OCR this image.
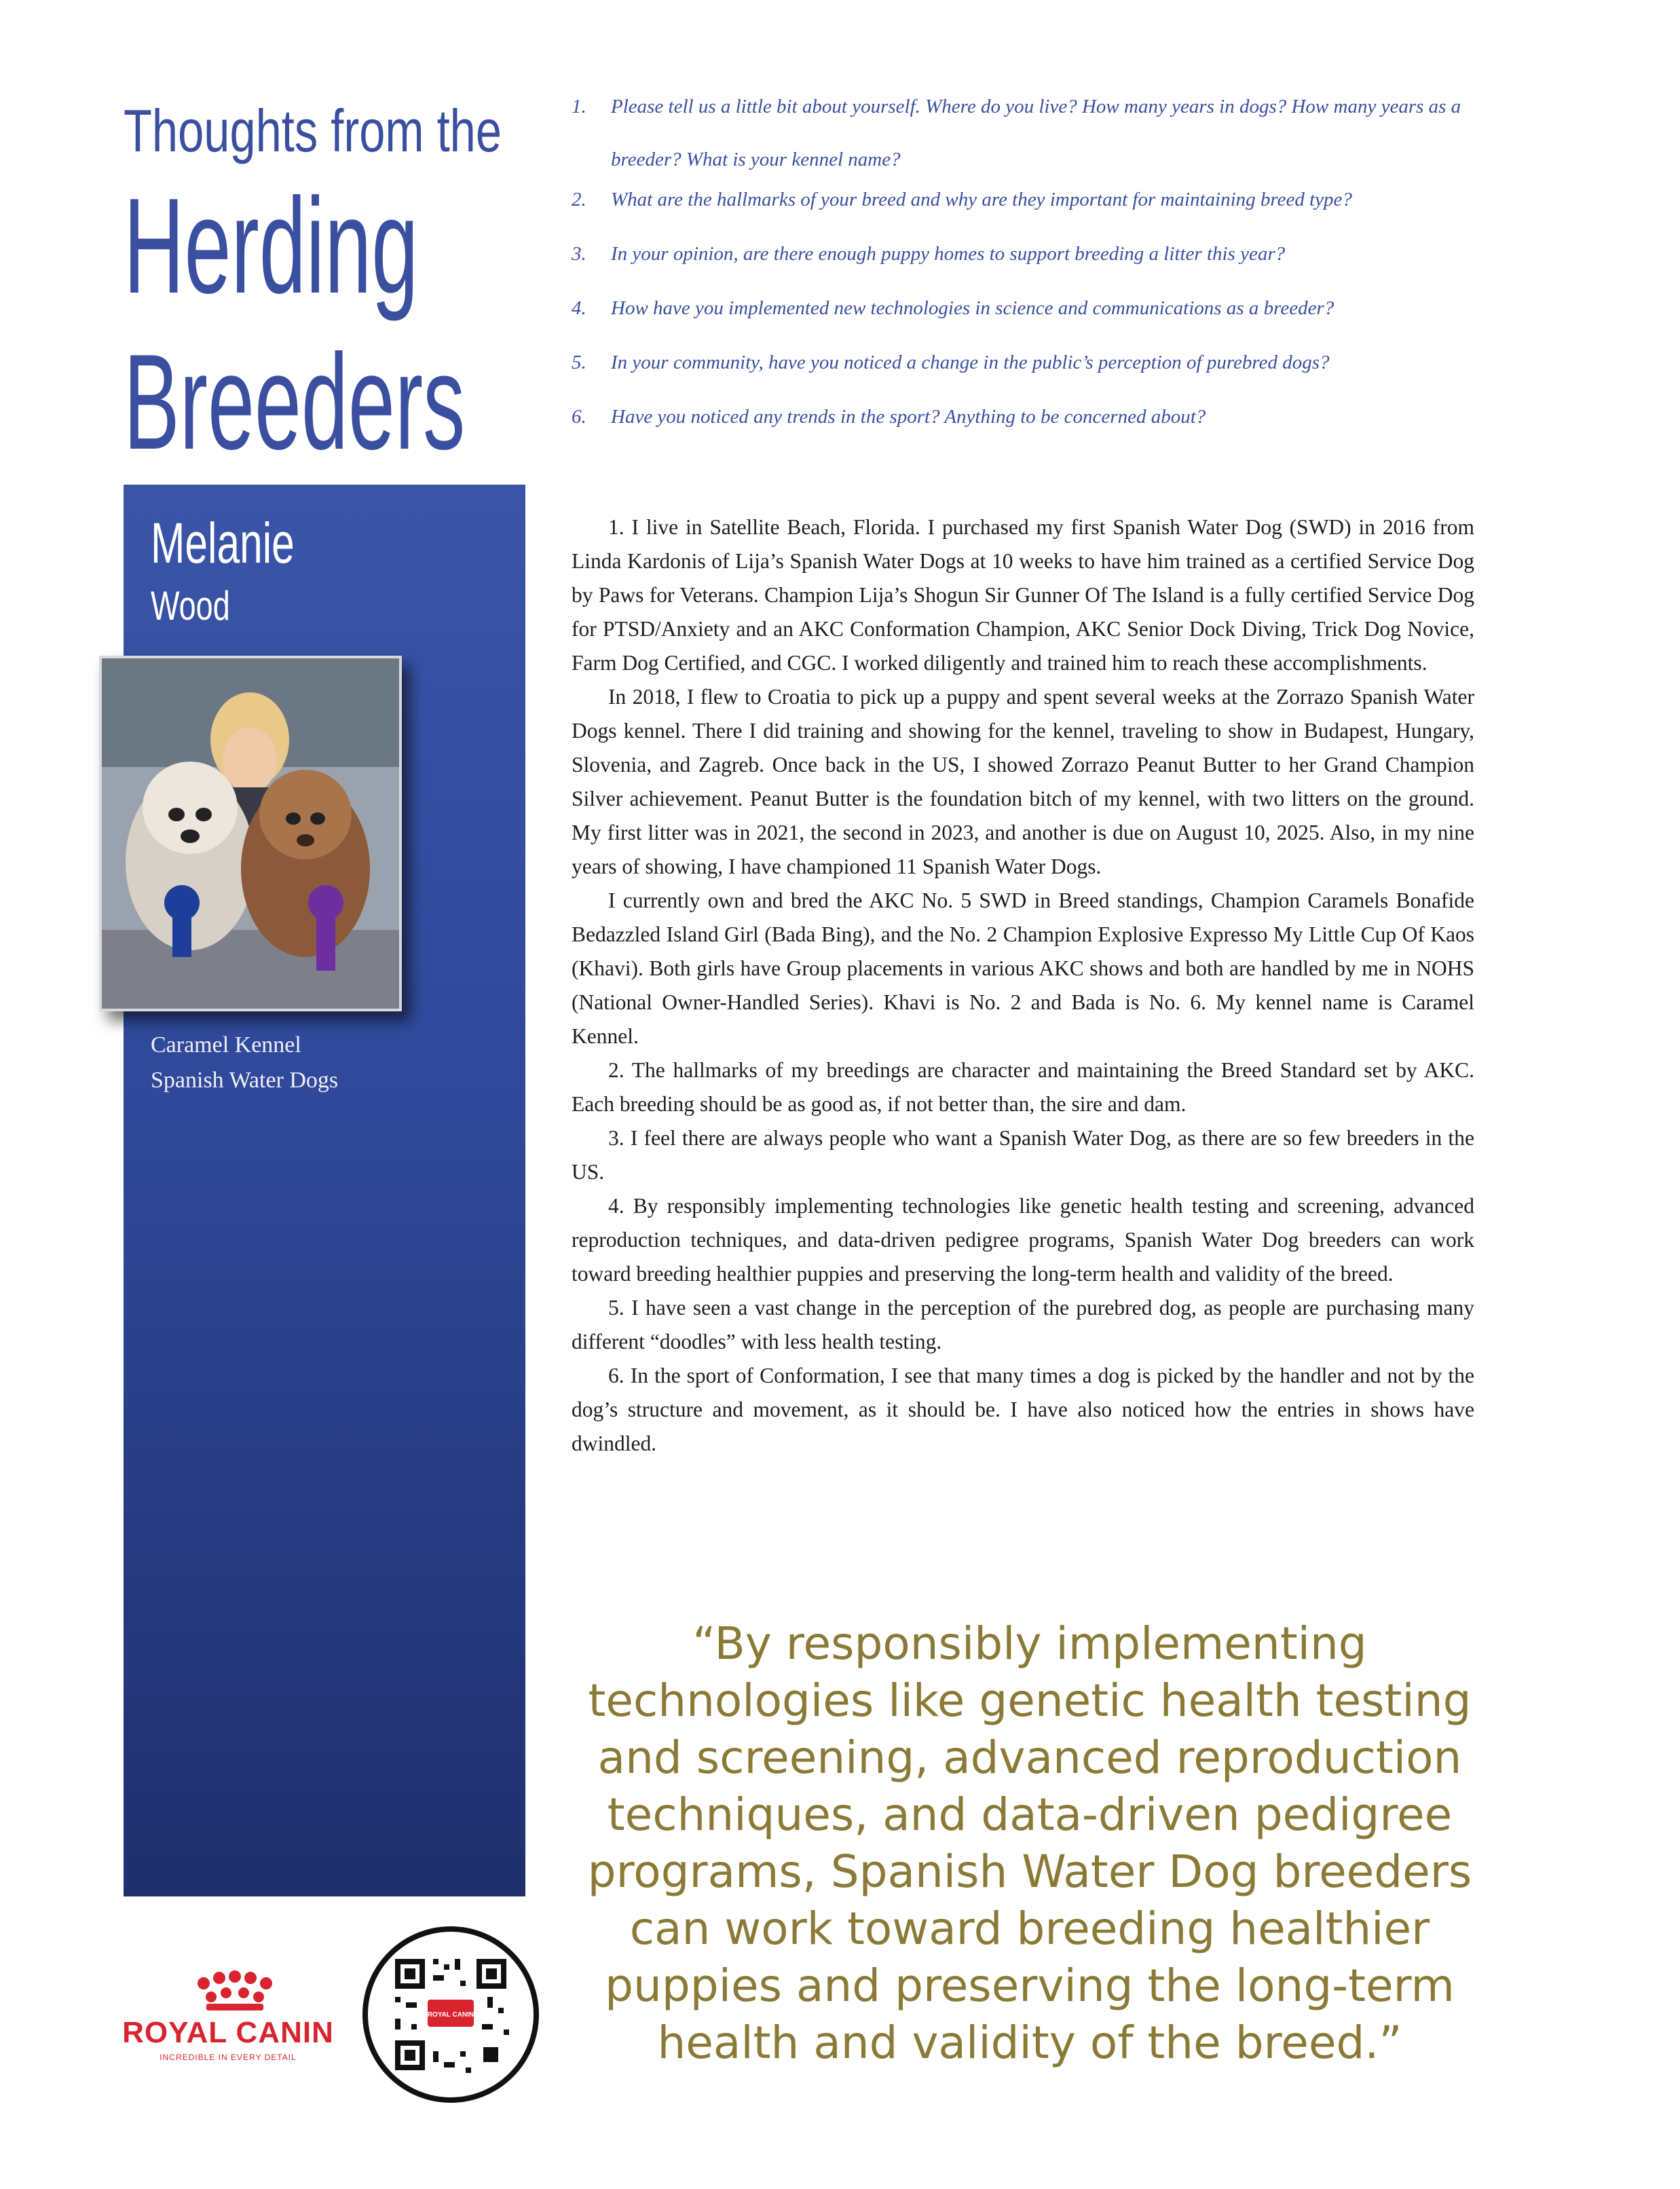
Thoughts from the
Herding
Breeders
1. Please tell us a little bit about yourself. Where do you live? How many years in dogs? How many years as a breeder? What is your kennel name?
2. What are the hallmarks of your breed and why are they important for maintaining breed type?
3. In your opinion, are there enough puppy homes to support breeding a litter this year?
4. How have you implemented new technologies in science and communications as a breeder?
5. In your community, have you noticed a change in the public’s perception of purebred dogs?
6. Have you noticed any trends in the sport? Anything to be concerned about?
Melanie
Wood
Caramel Kennel
Spanish Water Dogs

1. I live in Satellite Beach, Florida. I purchased my first Spanish Water Dog (SWD) in 2016 from Linda Kardonis of Lija’s Spanish Water Dogs at 10 weeks to have him trained as a certified Service Dog by Paws for Veterans. Champion Lija’s Shogun Sir Gunner Of The Island is a fully certified Service Dog for PTSD/Anxiety and an AKC Conformation Champion, AKC Senior Dock Diving, Trick Dog Novice, Farm Dog Certified, and CGC. I worked diligently and trained him to reach these accomplishments.

In 2018, I flew to Croatia to pick up a puppy and spent several weeks at the Zorrazo Spanish Water Dogs kennel. There I did training and showing for the kennel, traveling to show in Budapest, Hungary, Slovenia, and Zagreb. Once back in the US, I showed Zorrazo Peanut Butter to her Grand Champion Silver achievement. Peanut Butter is the foundation bitch of my kennel, with two litters on the ground. My first litter was in 2021, the second in 2023, and another is due on August 10, 2025. Also, in my nine years of showing, I have championed 11 Spanish Water Dogs.

I currently own and bred the AKC No. 5 SWD in Breed standings, Champion Caramels Bonafide Bedazzled Island Girl (Bada Bing), and the No. 2 Champion Explosive Expresso My Little Cup Of Kaos (Khavi). Both girls have Group placements in various AKC shows and both are handled by me in NOHS (National Owner-Handled Series). Khavi is No. 2 and Bada is No. 6. My kennel name is Caramel Kennel.

2. The hallmarks of my breedings are character and maintaining the Breed Standard set by AKC. Each breeding should be as good as, if not better than, the sire and dam.

3. I feel there are always people who want a Spanish Water Dog, as there are so few breeders in the US.

4. By responsibly implementing technologies like genetic health testing and screening, advanced reproduction techniques, and data-driven pedigree programs, Spanish Water Dog breeders can work toward breeding healthier puppies and preserving the long-term health and validity of the breed.

5. I have seen a vast change in the perception of the purebred dog, as people are purchasing many different “doodles” with less health testing.

6. In the sport of Conformation, I see that many times a dog is picked by the handler and not by the dog’s structure and movement, as it should be. I have also noticed how the entries in shows have dwindled.

“By responsibly implementing technologies like genetic health testing and screening, advanced reproduction techniques, and data-driven pedigree programs, Spanish Water Dog breeders can work toward breeding healthier puppies and preserving the long-term health and validity of the breed.”
ROYAL CANIN
INCREDIBLE IN EVERY DETAIL
ROYAL CANIN
